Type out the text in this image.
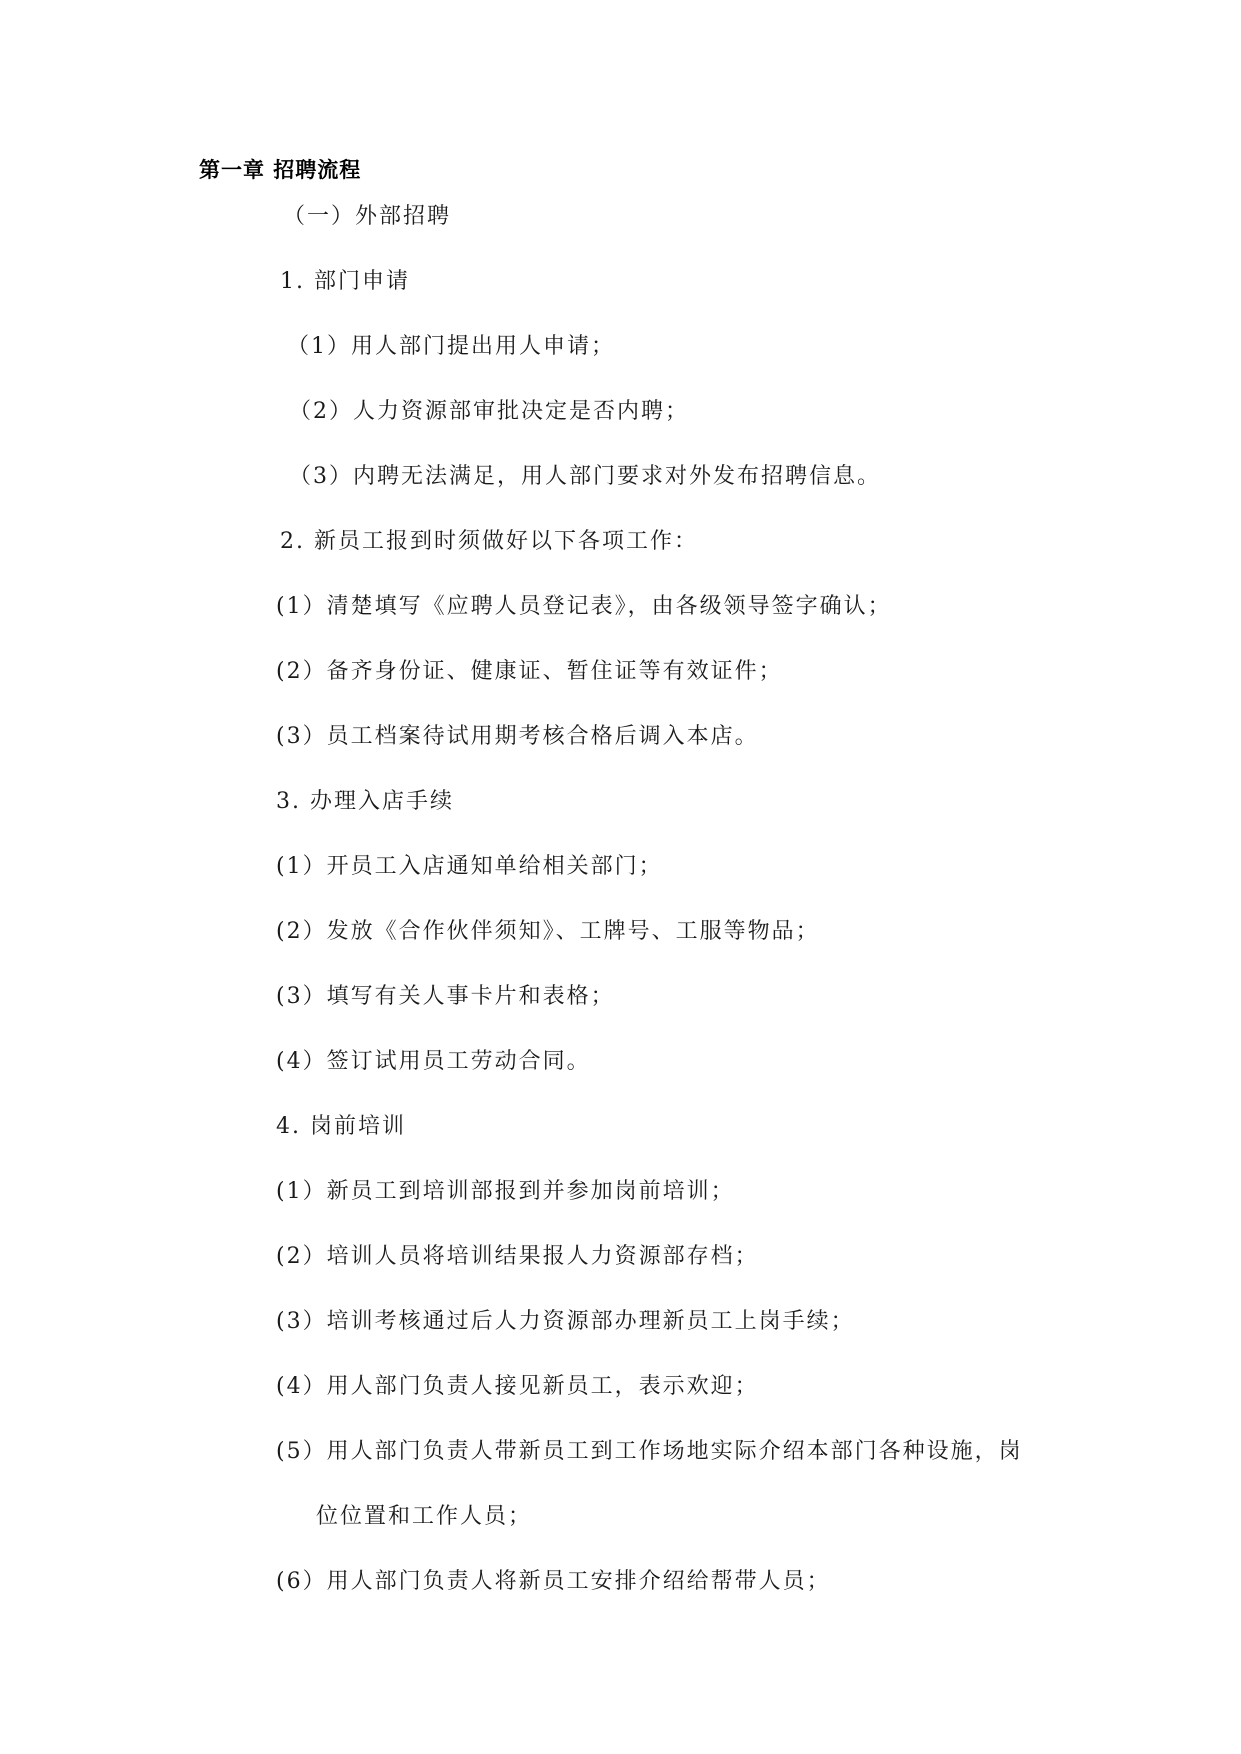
第一章 招聘流程
（一）外部招聘
1. 部门申请
（1）用人部门提出用人申请；
（2）人力资源部审批决定是否内聘；
（3）内聘无法满足，用人部门要求对外发布招聘信息。
2. 新员工报到时须做好以下各项工作：
(1）清楚填写《应聘人员登记表》，由各级领导签字确认；
(2）备齐身份证、健康证、暂住证等有效证件；
(3）员工档案待试用期考核合格后调入本店。
3. 办理入店手续
(1）开员工入店通知单给相关部门；
(2）发放《合作伙伴须知》、工牌号、工服等物品；
(3）填写有关人事卡片和表格；
(4）签订试用员工劳动合同。
4. 岗前培训
(1）新员工到培训部报到并参加岗前培训；
(2）培训人员将培训结果报人力资源部存档；
(3）培训考核通过后人力资源部办理新员工上岗手续；
(4）用人部门负责人接见新员工，表示欢迎；
(5）用人部门负责人带新员工到工作场地实际介绍本部门各种设施，岗
位位置和工作人员；
(6）用人部门负责人将新员工安排介绍给帮带人员；
